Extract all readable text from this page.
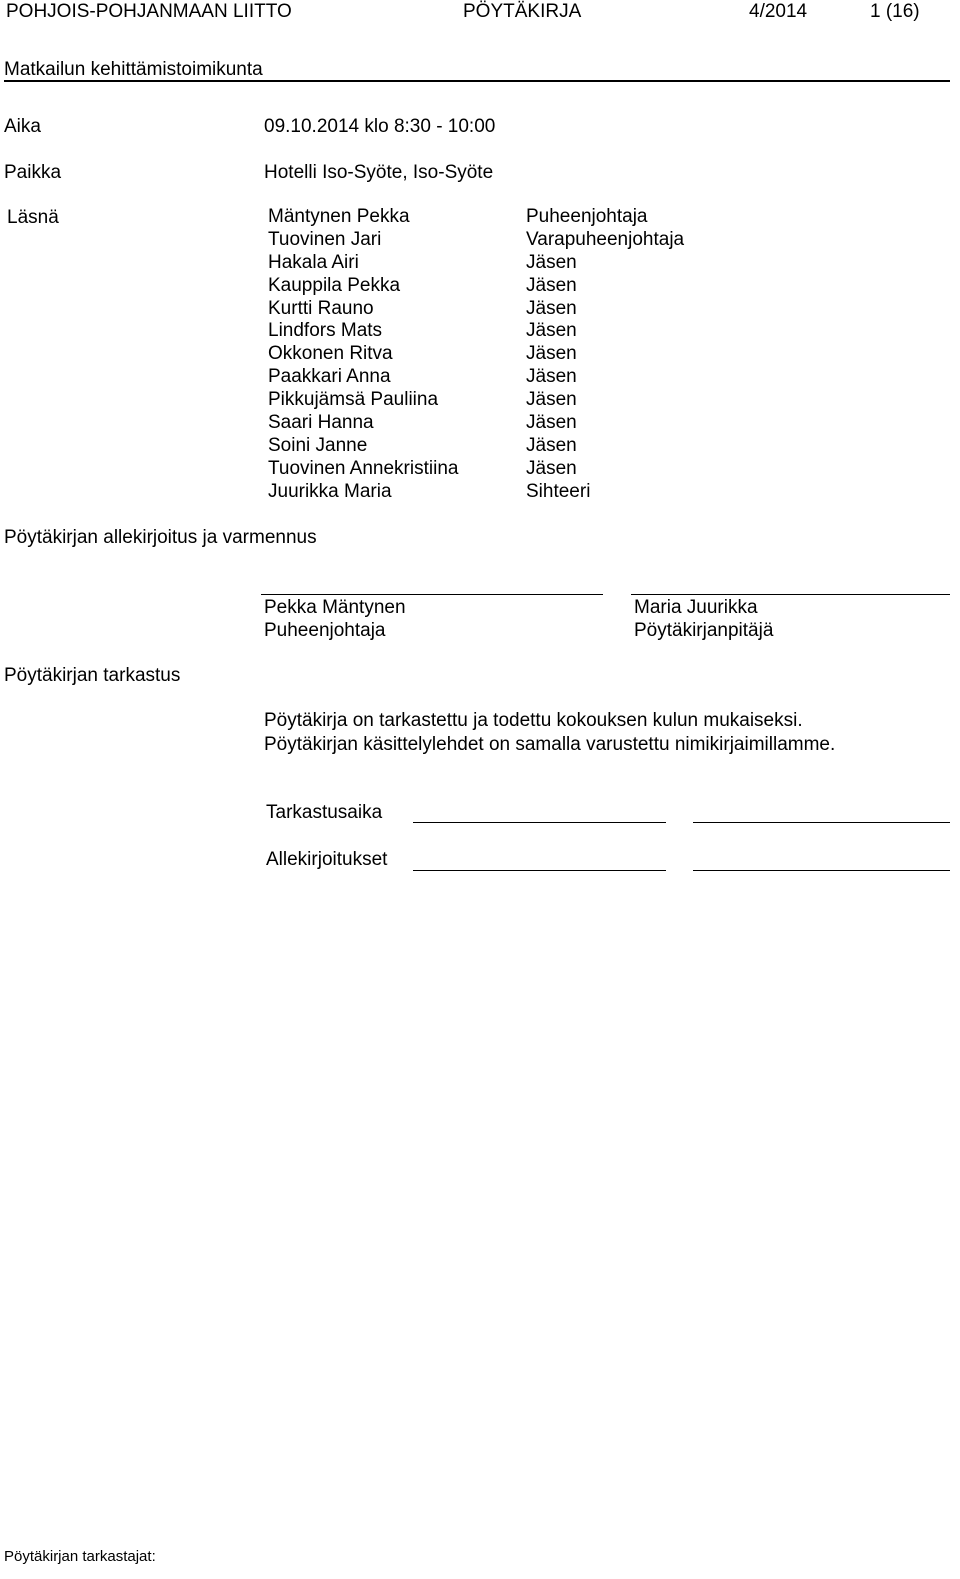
POHJOIS-POHJANMAAN LIITTO	PÖYTÄKIRJA	4/2014	1 (16)
Matkailun kehittämistoimikunta
Aika	09.10.2014 klo 8:30 - 10:00
Paikka	Hotelli Iso-Syöte, Iso-Syöte
Läsnä	Mäntynen Pekka	Puheenjohtaja
Tuovinen Jari	Varapuheenjohtaja
Hakala Airi	Jäsen
Kauppila Pekka	Jäsen
Kurtti Rauno	Jäsen
Lindfors Mats	Jäsen
Okkonen Ritva	Jäsen
Paakkari Anna	Jäsen
Pikkujämsä Pauliina	Jäsen
Saari Hanna	Jäsen
Soini Janne	Jäsen
Tuovinen Annekristiina	Jäsen
Juurikka Maria	Sihteeri
Pöytäkirjan allekirjoitus ja varmennus
Pekka Mäntynen
Puheenjohtaja
Maria Juurikka
Pöytäkirjanpitäjä
Pöytäkirjan tarkastus
Pöytäkirja on tarkastettu ja todettu kokouksen kulun mukaiseksi.
Pöytäkirjan käsittelylehdet on samalla varustettu nimikirjaimillamme.
Tarkastusaika
Allekirjoitukset
Pöytäkirjan tarkastajat:
